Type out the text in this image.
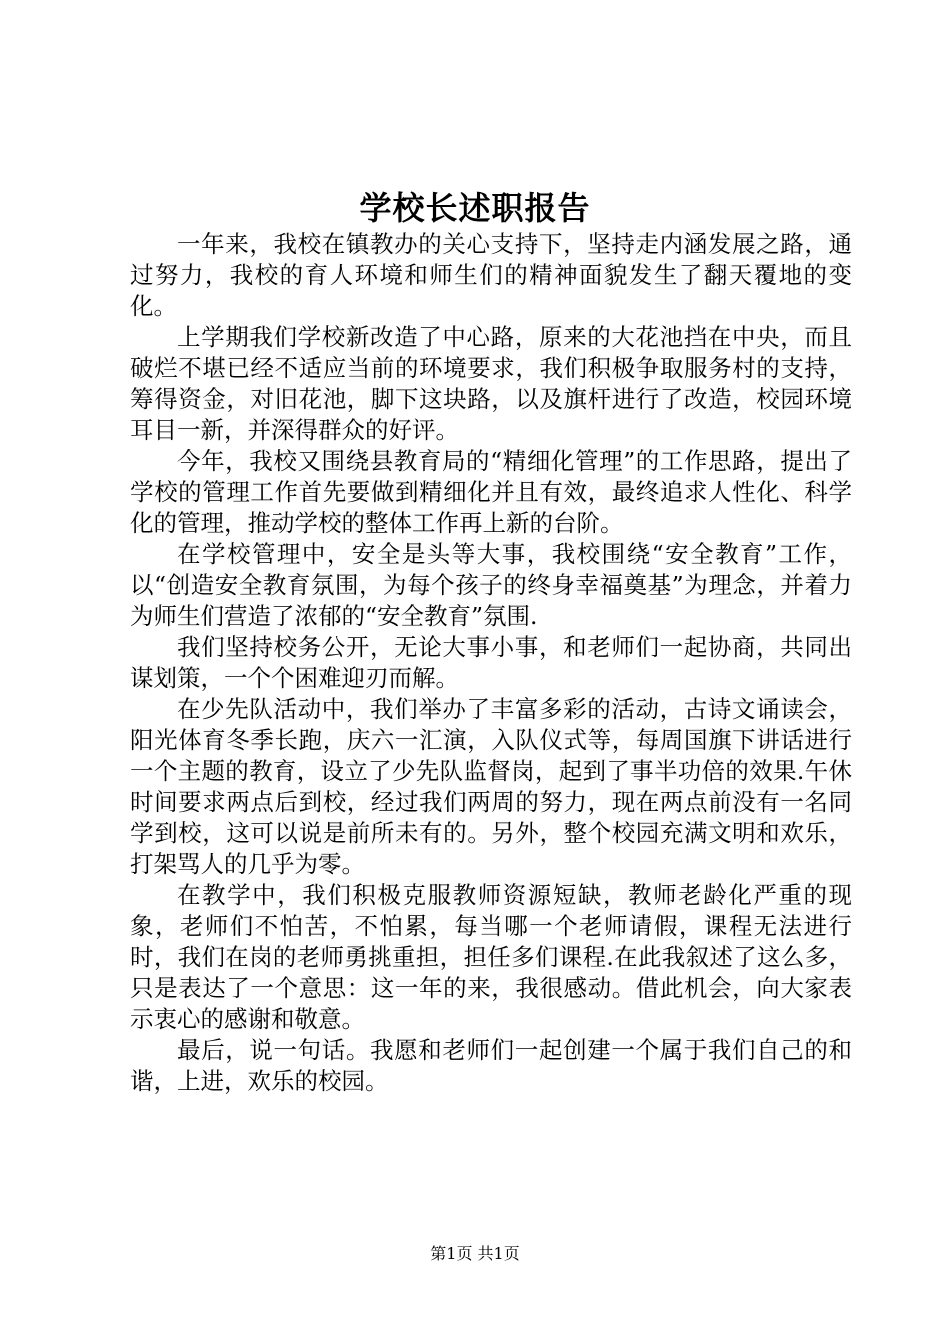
学校长述职报告

一年来，我校在镇教办的关心支持下，坚持走内涵发展之路，通过努力，我校的育人环境和师生们的精神面貌发生了翻天覆地的变化。

上学期我们学校新改造了中心路，原来的大花池挡在中央，而且破烂不堪已经不适应当前的环境要求，我们积极争取服务村的支持，筹得资金，对旧花池，脚下这块路，以及旗杆进行了改造，校园环境耳目一新，并深得群众的好评。

今年，我校又围绕县教育局的“精细化管理”的工作思路，提出了学校的管理工作首先要做到精细化并且有效，最终追求人性化、科学化的管理，推动学校的整体工作再上新的台阶。

在学校管理中，安全是头等大事，我校围绕“安全教育”工作，以“创造安全教育氛围，为每个孩子的终身幸福奠基”为理念，并着力为师生们营造了浓郁的“安全教育”氛围.

我们坚持校务公开，无论大事小事，和老师们一起协商，共同出谋划策，一个个困难迎刃而解。

在少先队活动中，我们举办了丰富多彩的活动，古诗文诵读会，阳光体育冬季长跑，庆六一汇演，入队仪式等，每周国旗下讲话进行一个主题的教育，设立了少先队监督岗，起到了事半功倍的效果.午休时间要求两点后到校，经过我们两周的努力，现在两点前没有一名同学到校，这可以说是前所未有的。另外，整个校园充满文明和欢乐，打架骂人的几乎为零。

在教学中，我们积极克服教师资源短缺，教师老龄化严重的现象，老师们不怕苦，不怕累，每当哪一个老师请假，课程无法进行时，我们在岗的老师勇挑重担，担任多们课程.在此我叙述了这么多，只是表达了一个意思：这一年的来，我很感动。借此机会，向大家表示衷心的感谢和敬意。

最后，说一句话。我愿和老师们一起创建一个属于我们自己的和谐，上进，欢乐的校园。

第1页 共1页
